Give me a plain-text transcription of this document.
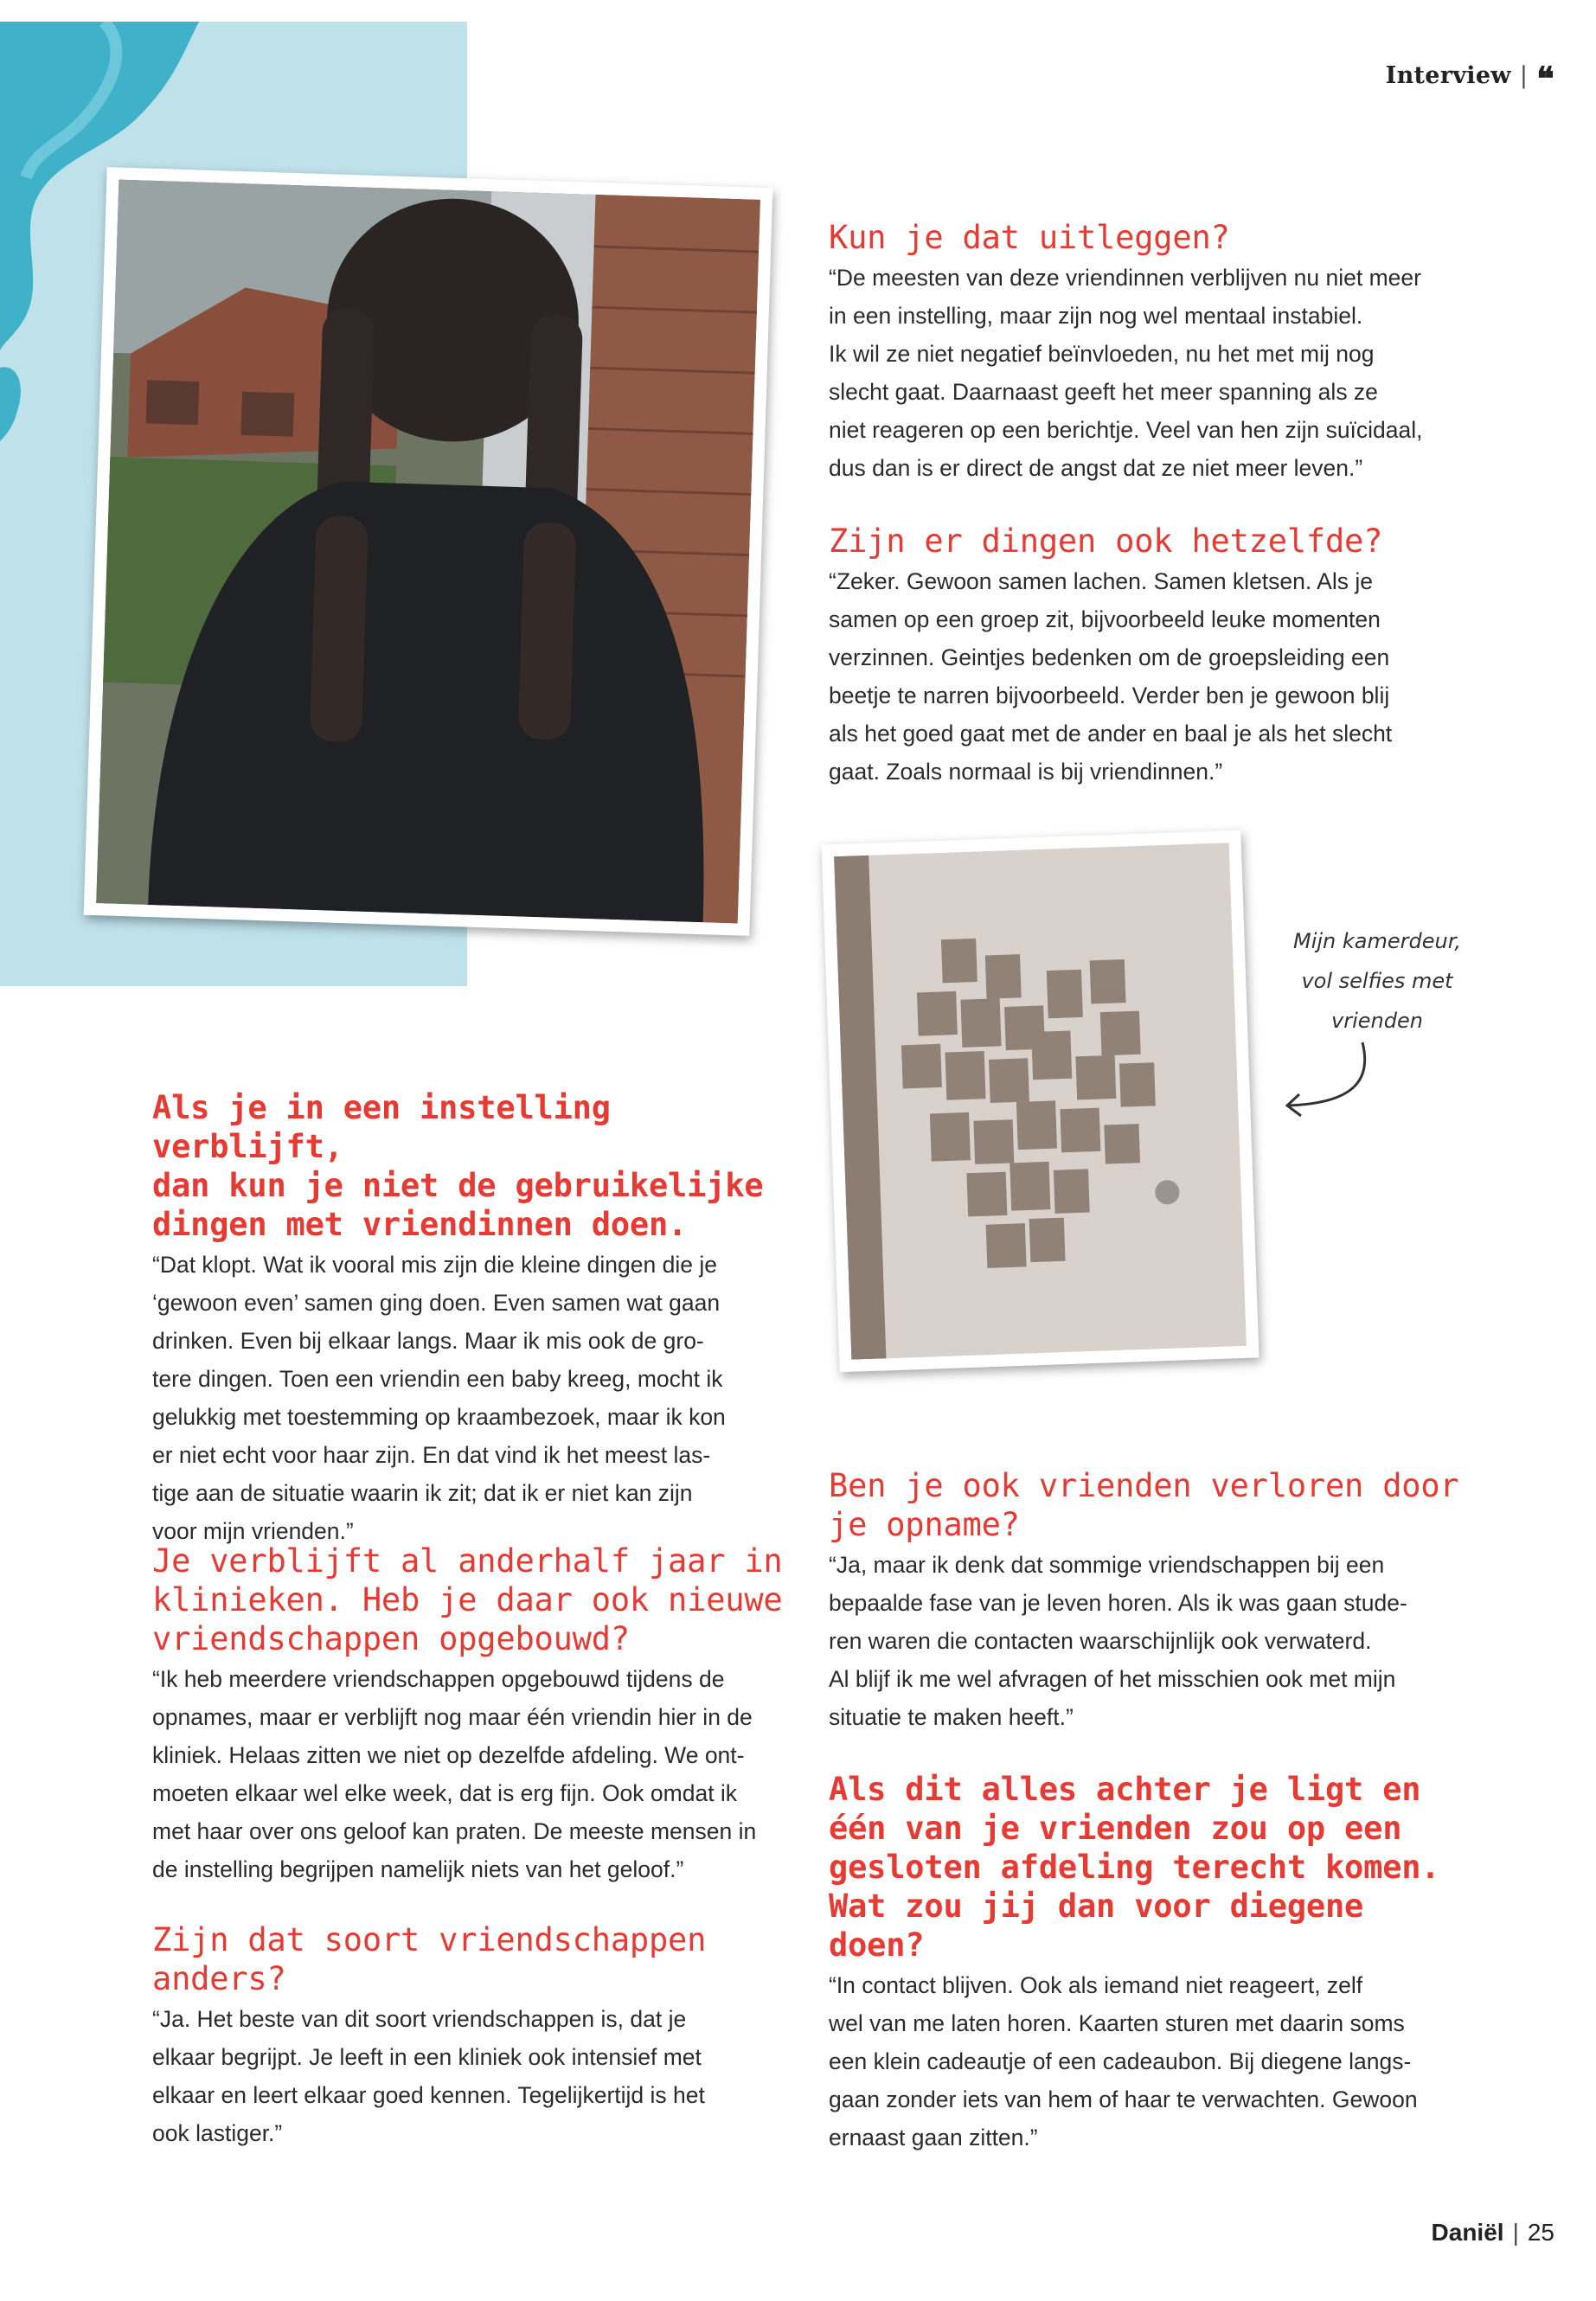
Interview | ❝
Mijn kamerdeur,
vol selfies met
vrienden
Kun je dat uitleggen?
“De meesten van deze vriendinnen verblijven nu niet meer
in een instelling, maar zijn nog wel mentaal instabiel.
Ik wil ze niet negatief beïnvloeden, nu het met mij nog
slecht gaat. Daarnaast geeft het meer spanning als ze
niet reageren op een berichtje. Veel van hen zijn suïcidaal,
dus dan is er direct de angst dat ze niet meer leven.”
Zijn er dingen ook hetzelfde?
“Zeker. Gewoon samen lachen. Samen kletsen. Als je
samen op een groep zit, bijvoorbeeld leuke momenten
verzinnen. Geintjes bedenken om de groepsleiding een
beetje te narren bijvoorbeeld. Verder ben je gewoon blij
als het goed gaat met de ander en baal je als het slecht
gaat. Zoals normaal is bij vriendinnen.”
Als je in een instelling verblijft,
dan kun je niet de gebruikelijke
dingen met vriendinnen doen.
“Dat klopt. Wat ik vooral mis zijn die kleine dingen die je
‘gewoon even’ samen ging doen. Even samen wat gaan
drinken. Even bij elkaar langs. Maar ik mis ook de gro-
tere dingen. Toen een vriendin een baby kreeg, mocht ik
gelukkig met toestemming op kraambezoek, maar ik kon
er niet echt voor haar zijn. En dat vind ik het meest las-
tige aan de situatie waarin ik zit; dat ik er niet kan zijn
voor mijn vrienden.”
Je verblijft al anderhalf jaar in
klinieken. Heb je daar ook nieuwe
vriendschappen opgebouwd?
“Ik heb meerdere vriendschappen opgebouwd tijdens de
opnames, maar er verblijft nog maar één vriendin hier in de
kliniek. Helaas zitten we niet op dezelfde afdeling. We ont-
moeten elkaar wel elke week, dat is erg fijn. Ook omdat ik
met haar over ons geloof kan praten. De meeste mensen in
de instelling begrijpen namelijk niets van het geloof.”
Zijn dat soort vriendschappen
anders?
“Ja. Het beste van dit soort vriendschappen is, dat je
elkaar begrijpt. Je leeft in een kliniek ook intensief met
elkaar en leert elkaar goed kennen. Tegelijkertijd is het
ook lastiger.”
Ben je ook vrienden verloren door
je opname?
“Ja, maar ik denk dat sommige vriendschappen bij een
bepaalde fase van je leven horen. Als ik was gaan stude-
ren waren die contacten waarschijnlijk ook verwaterd.
Al blijf ik me wel afvragen of het misschien ook met mijn
situatie te maken heeft.”
Als dit alles achter je ligt en
één van je vrienden zou op een
gesloten afdeling terecht komen.
Wat zou jij dan voor diegene
doen?
“In contact blijven. Ook als iemand niet reageert, zelf
wel van me laten horen. Kaarten sturen met daarin soms
een klein cadeautje of een cadeaubon. Bij diegene langs-
gaan zonder iets van hem of haar te verwachten. Gewoon
ernaast gaan zitten.”
Daniël | 25
